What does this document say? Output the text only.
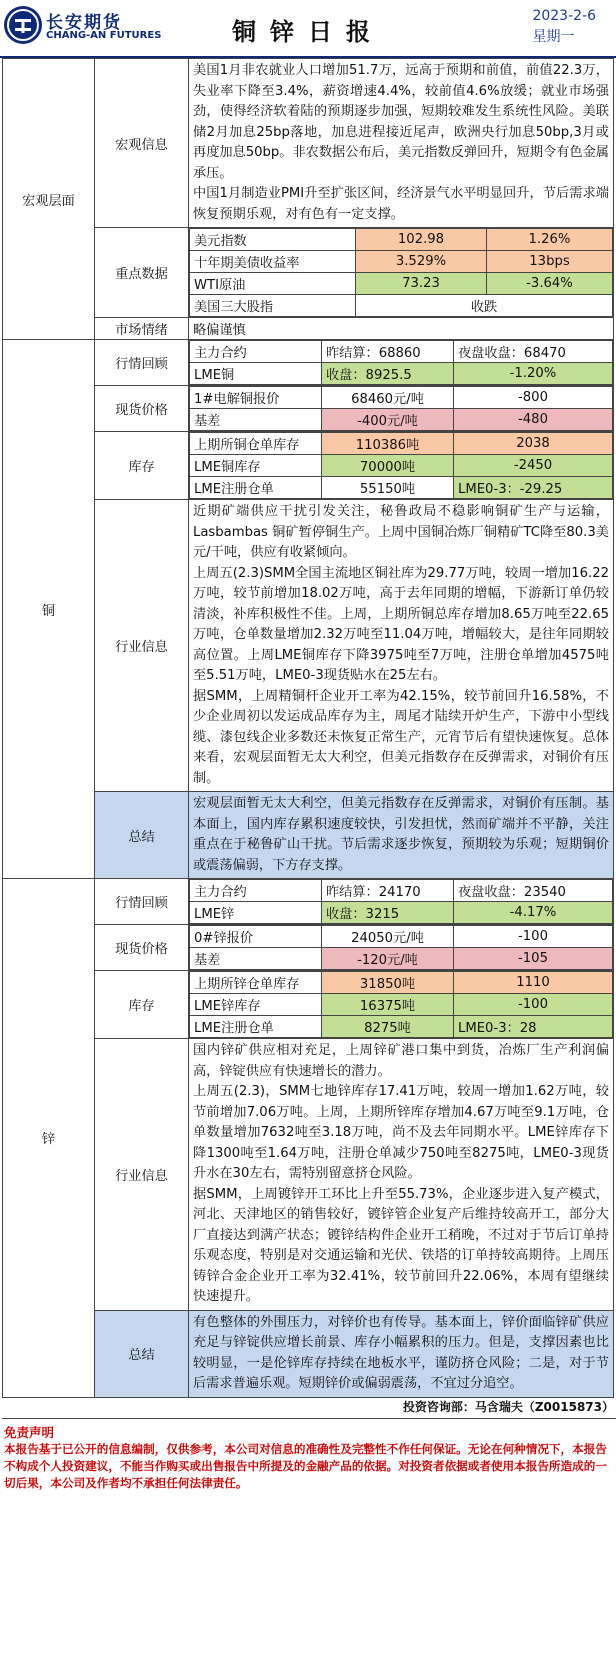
长安期货
CHANG-AN FUTURES	铜锌日报
2023-2-6
星期一
宏观层面	宏观信息	
美国1月非农就业人口增加51.7万，远高于预期和前值，前值22.3万，失业率下降至3.4%，薪资增速4.4%，较前值4.6%放缓；就业市场强劲，使得经济软着陆的预期逐步加强，短期较难发生系统性风险。美联储2月加息25bp落地，加息进程接近尾声，欧洲央行加息50bp,3月或再度加息50bp。非农数据公布后，美元指数反弹回升，短期令有色金属承压。
中国1月制造业PMI升至扩张区间，经济景气水平明显回升，节后需求端恢复预期乐观，对有色有一定支撑。

重点数据	
美元指数	102.98	1.26%
十年期美债收益率	3.529%	13bps
WTI原油	73.23	-3.64%
美国三大股指	收跌

市场情绪	略偏谨慎
铜	行情回顾	
主力合约	昨结算：68860	夜盘收盘：68470
LME铜	收盘：8925.5	-1.20%

现货价格	
1#电解铜报价	68460元/吨	-800
基差	-400元/吨	-480

库存	
上期所铜仓单库存	110386吨	2038
LME铜库存	70000吨	-2450
LME注册仓单	55150吨	LME0-3：-29.25

行业信息	
近期矿端供应干扰引发关注，秘鲁政局不稳影响铜矿生产与运输，Lasbambas 铜矿暂停铜生产。上周中国铜冶炼厂铜精矿TC降至80.3美元/干吨，供应有收紧倾向。
上周五(2.3)SMM全国主流地区铜社库为29.77万吨，较周一增加16.22万吨，较节前增加18.02万吨，高于去年同期的增幅，下游新订单仍较清淡，补库积极性不佳。上周，上期所铜总库存增加8.65万吨至22.65万吨，仓单数量增加2.32万吨至11.04万吨，增幅较大，是往年同期较高位置。上周LME铜库存下降3975吨至7万吨，注册仓单增加4575吨至5.51万吨，LME0-3现货贴水在25左右。
据SMM，上周精铜杆企业开工率为42.15%，较节前回升16.58%，不少企业周初以发运成品库存为主，周尾才陆续开炉生产，下游中小型线缆、漆包线企业多数还未恢复正常生产，元宵节后有望快速恢复。总体来看，宏观层面暂无太大利空，但美元指数存在反弹需求，对铜价有压制。

总结	宏观层面暂无太大利空，但美元指数存在反弹需求，对铜价有压制。基本面上，国内库存累积速度较快，引发担忧，然而矿端并不平静，关注重点在于秘鲁矿山干扰。节后需求逐步恢复，预期较为乐观；短期铜价或震荡偏弱，下方存支撑。
锌	行情回顾	
主力合约	昨结算：24170	夜盘收盘：23540
LME锌	收盘：3215	-4.17%

现货价格	
0#锌报价	24050元/吨	-100
基差	-120元/吨	-105

库存	
上期所锌仓单库存	31850吨	1110
LME锌库存	16375吨	-100
LME注册仓单	8275吨	LME0-3：28

行业信息	
国内锌矿供应相对充足，上周锌矿港口集中到货，冶炼厂生产利润偏高，锌锭供应有快速增长的潜力。
上周五(2.3)，SMM七地锌库存17.41万吨，较周一增加1.62万吨，较节前增加7.06万吨。上周，上期所锌库存增加4.67万吨至9.1万吨，仓单数量增加7632吨至3.18万吨，尚不及去年同期水平。LME锌库存下降1300吨至1.64万吨，注册仓单减少750吨至8275吨，LME0-3现货升水在30左右，需特别留意挤仓风险。
据SMM，上周镀锌开工环比上升至55.73%，企业逐步进入复产模式，河北、天津地区的销售较好，镀锌管企业复产后维持较高开工，部分大厂直接达到满产状态；镀锌结构件企业开工稍晚，不过对于节后订单持乐观态度，特别是对交通运输和光伏、铁塔的订单持较高期待。上周压铸锌合金企业开工率为32.41%，较节前回升22.06%，本周有望继续快速提升。

总结	有色整体的外围压力，对锌价也有传导。基本面上，锌价面临锌矿供应充足与锌锭供应增长前景、库存小幅累积的压力。但是，支撑因素也比较明显，一是伦锌库存持续在地板水平，谨防挤仓风险；二是，对于节后需求普遍乐观。短期锌价或偏弱震荡，不宜过分追空。
投资咨询部：马含瑞夫（Z0015873）
免责声明
本报告基于已公开的信息编制，仅供参考，本公司对信息的准确性及完整性不作任何保证。无论在何种情况下，本报告不构成个人投资建议，不能当作购买或出售报告中所提及的金融产品的依据。对投资者依据或者使用本报告所造成的一切后果，本公司及作者均不承担任何法律责任。
